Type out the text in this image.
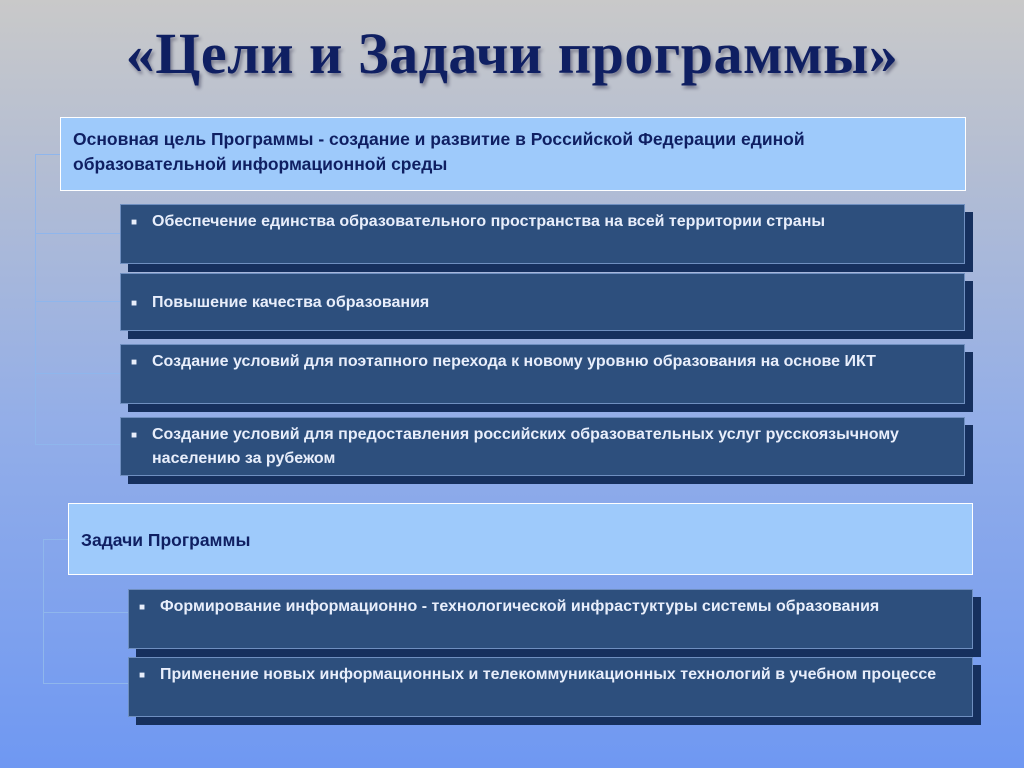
«Цели и Задачи программы»
Основная цель Программы - создание и развитие в Российской Федерации единой образовательной информационной среды
■ Обеспечение единства образовательного пространства на всей территории страны
■ Повышение качества образования
■ Создание условий для поэтапного перехода к новому уровню образования на основе ИКТ
■ Создание условий для предоставления российских образовательных услуг русскоязычному населению за рубежом
Задачи Программы
■ Формирование информационно - технологической инфрастуктуры системы образования
■ Применение новых информационных и телекоммуникационных технологий в учебном процессе
